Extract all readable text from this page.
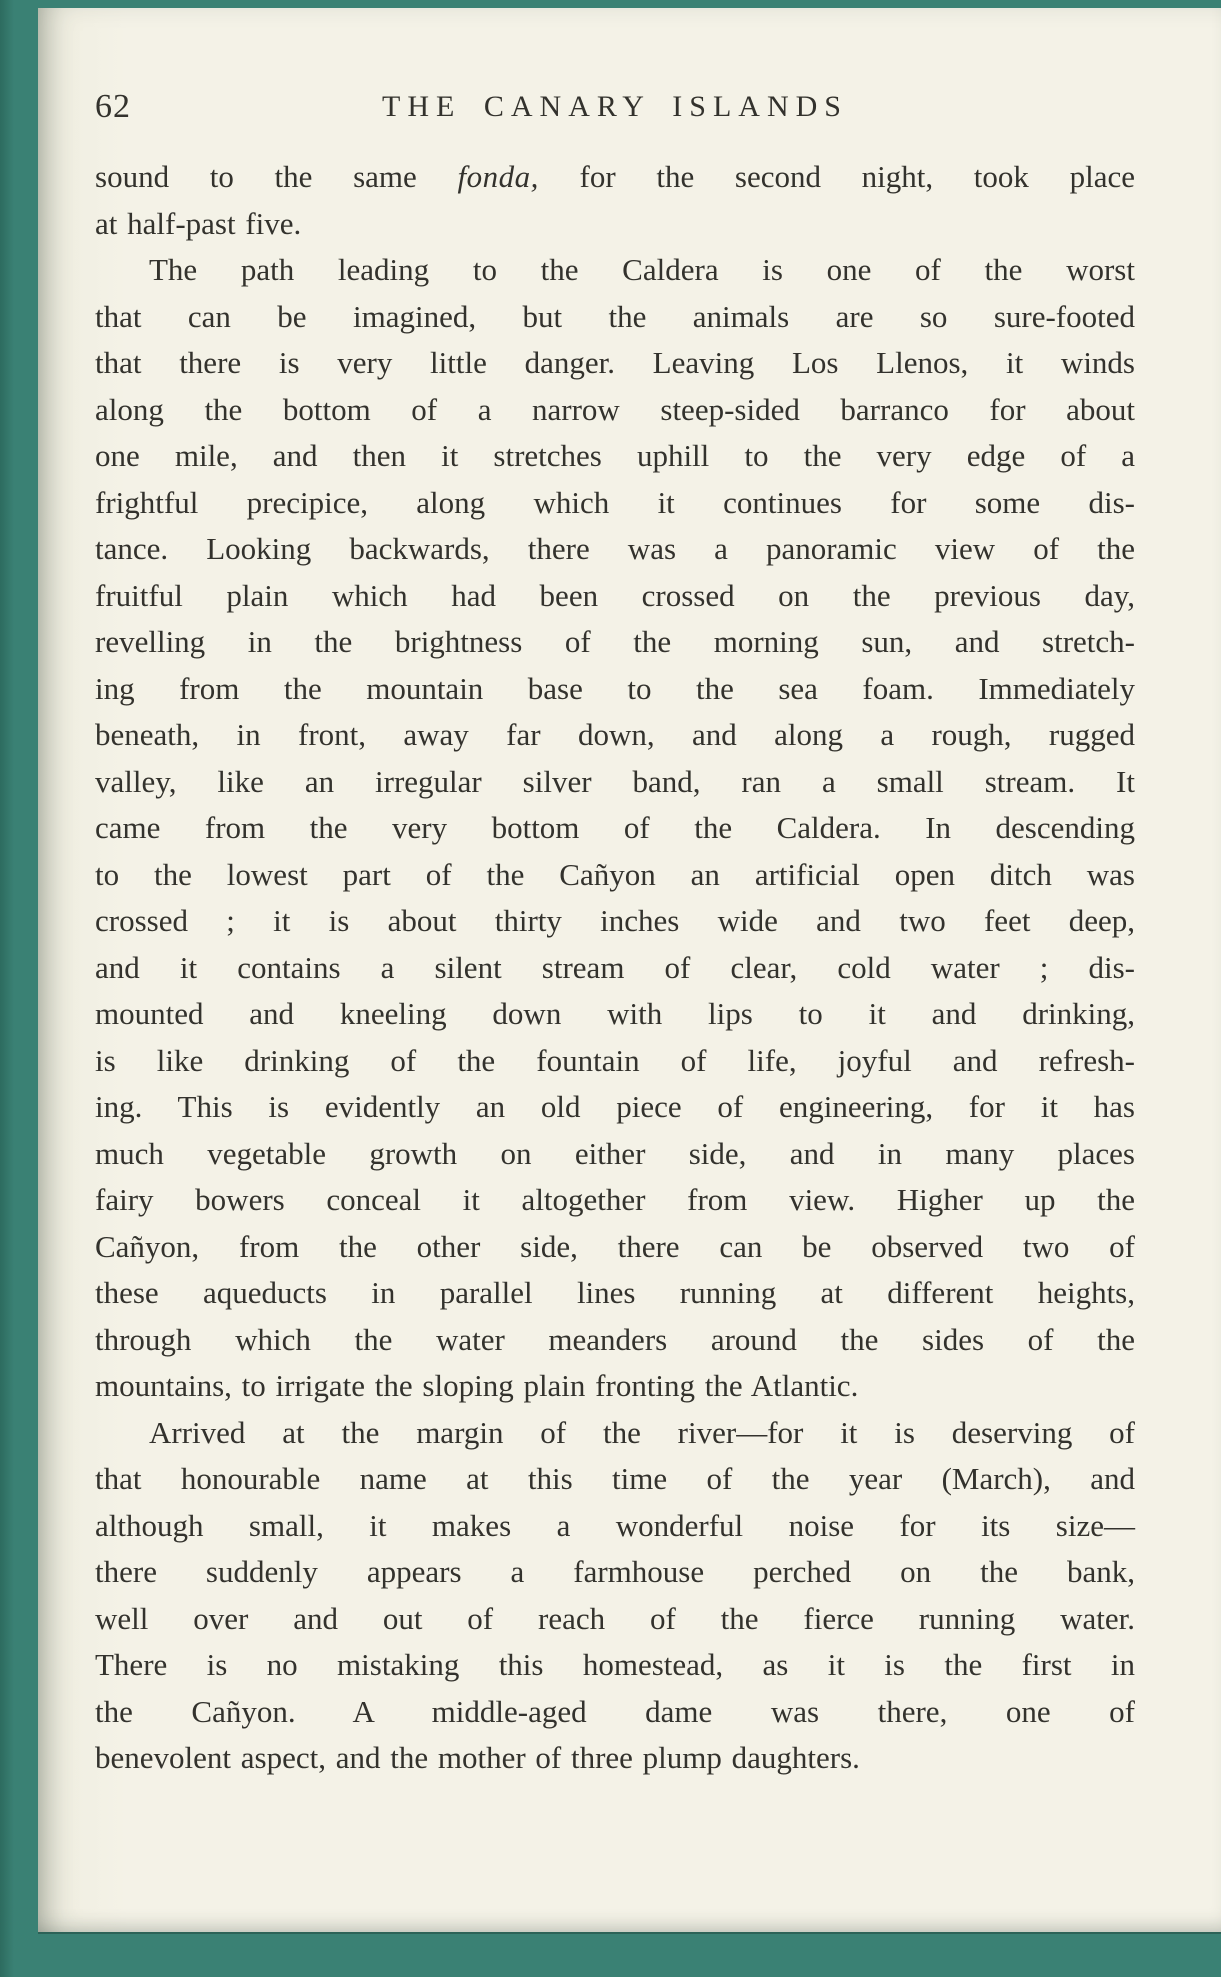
62	THE CANARY ISLANDS
sound to the same fonda, for the second night, took place
at half-past five.
The path leading to the Caldera is one of the worst
that can be imagined, but the animals are so sure-footed
that there is very little danger. Leaving Los Llenos, it winds
along the bottom of a narrow steep-sided barranco for about
one mile, and then it stretches uphill to the very edge of a
frightful precipice, along which it continues for some dis-
tance. Looking backwards, there was a panoramic view of the
fruitful plain which had been crossed on the previous day,
revelling in the brightness of the morning sun, and stretch-
ing from the mountain base to the sea foam. Immediately
beneath, in front, away far down, and along a rough, rugged
valley, like an irregular silver band, ran a small stream. It
came from the very bottom of the Caldera. In descending
to the lowest part of the Cañyon an artificial open ditch was
crossed ; it is about thirty inches wide and two feet deep,
and it contains a silent stream of clear, cold water ; dis-
mounted and kneeling down with lips to it and drinking,
is like drinking of the fountain of life, joyful and refresh-
ing. This is evidently an old piece of engineering, for it has
much vegetable growth on either side, and in many places
fairy bowers conceal it altogether from view. Higher up the
Cañyon, from the other side, there can be observed two of
these aqueducts in parallel lines running at different heights,
through which the water meanders around the sides of the
mountains, to irrigate the sloping plain fronting the Atlantic.
Arrived at the margin of the river—for it is deserving of
that honourable name at this time of the year (March), and
although small, it makes a wonderful noise for its size—
there suddenly appears a farmhouse perched on the bank,
well over and out of reach of the fierce running water.
There is no mistaking this homestead, as it is the first in
the Cañyon. A middle-aged dame was there, one of
benevolent aspect, and the mother of three plump daughters.
